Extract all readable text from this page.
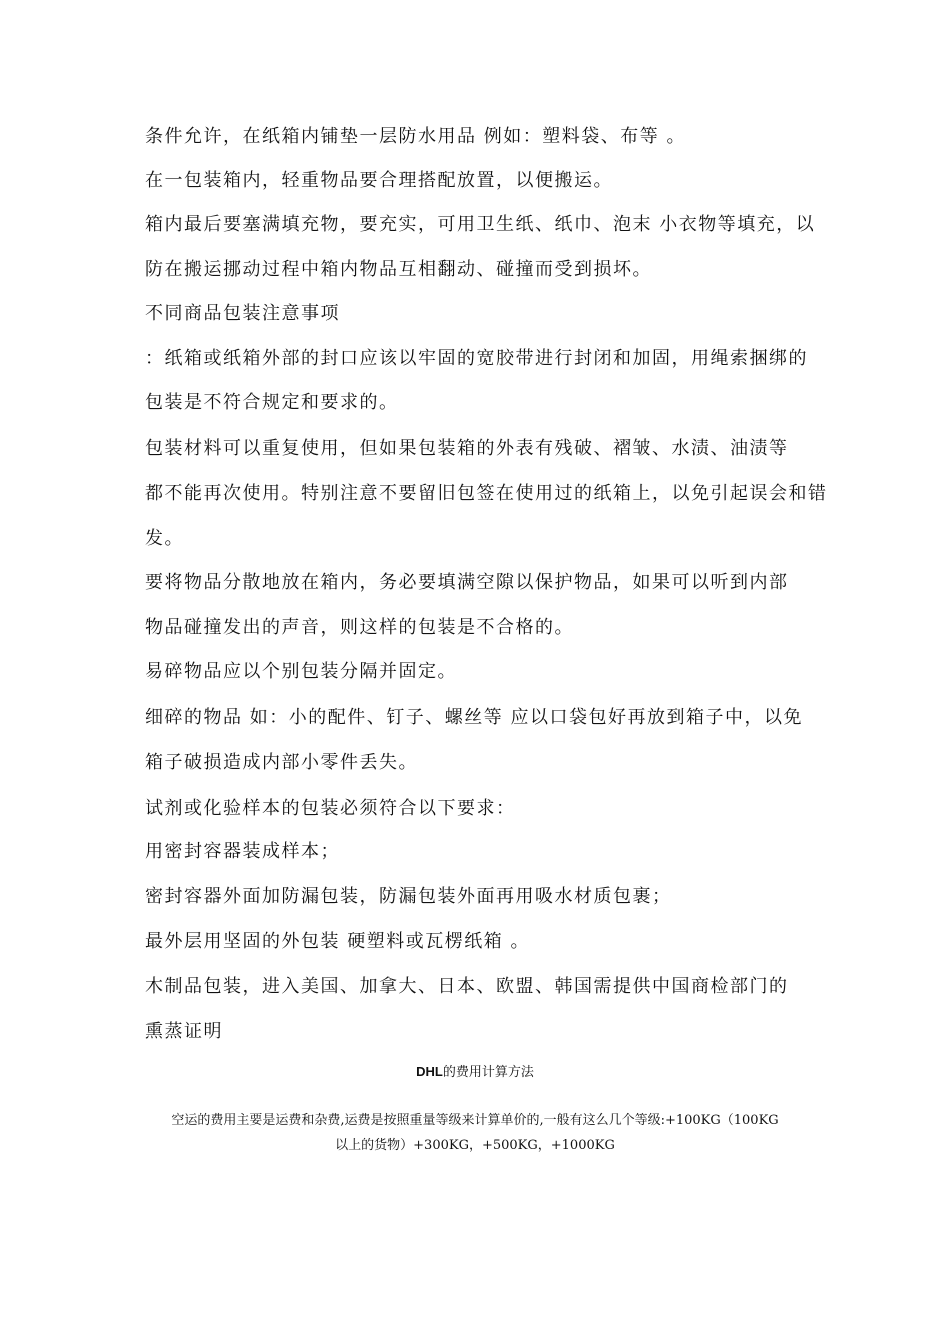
条件允许，在纸箱内铺垫一层防水用品 例如：塑料袋、布等 。
在一包装箱内，轻重物品要合理搭配放置，以便搬运。
箱内最后要塞满填充物，要充实，可用卫生纸、纸巾、泡末 小衣物等填充，以
防在搬运挪动过程中箱内物品互相翻动、碰撞而受到损坏。
不同商品包装注意事项
：纸箱或纸箱外部的封口应该以牢固的宽胶带进行封闭和加固，用绳索捆绑的
包装是不符合规定和要求的。
包装材料可以重复使用，但如果包装箱的外表有残破、褶皱、水渍、油渍等
都不能再次使用。特别注意不要留旧包签在使用过的纸箱上，以免引起误会和错
发。
要将物品分散地放在箱内，务必要填满空隙以保护物品，如果可以听到内部
物品碰撞发出的声音，则这样的包装是不合格的。
易碎物品应以个别包装分隔并固定。
细碎的物品 如：小的配件、钉子、螺丝等 应以口袋包好再放到箱子中，以免
箱子破损造成内部小零件丢失。
试剂或化验样本的包装必须符合以下要求：
用密封容器装成样本；
密封容器外面加防漏包装，防漏包装外面再用吸水材质包裹；
最外层用坚固的外包装 硬塑料或瓦楞纸箱 。
木制品包装，进入美国、加拿大、日本、欧盟、韩国需提供中国商检部门的
熏蒸证明
DHL的费用计算方法
空运的费用主要是运费和杂费,运费是按照重量等级来计算单价的,一般有这么几个等级:+100KG（100KG
以上的货物）+300KG，+500KG，+1000KG
